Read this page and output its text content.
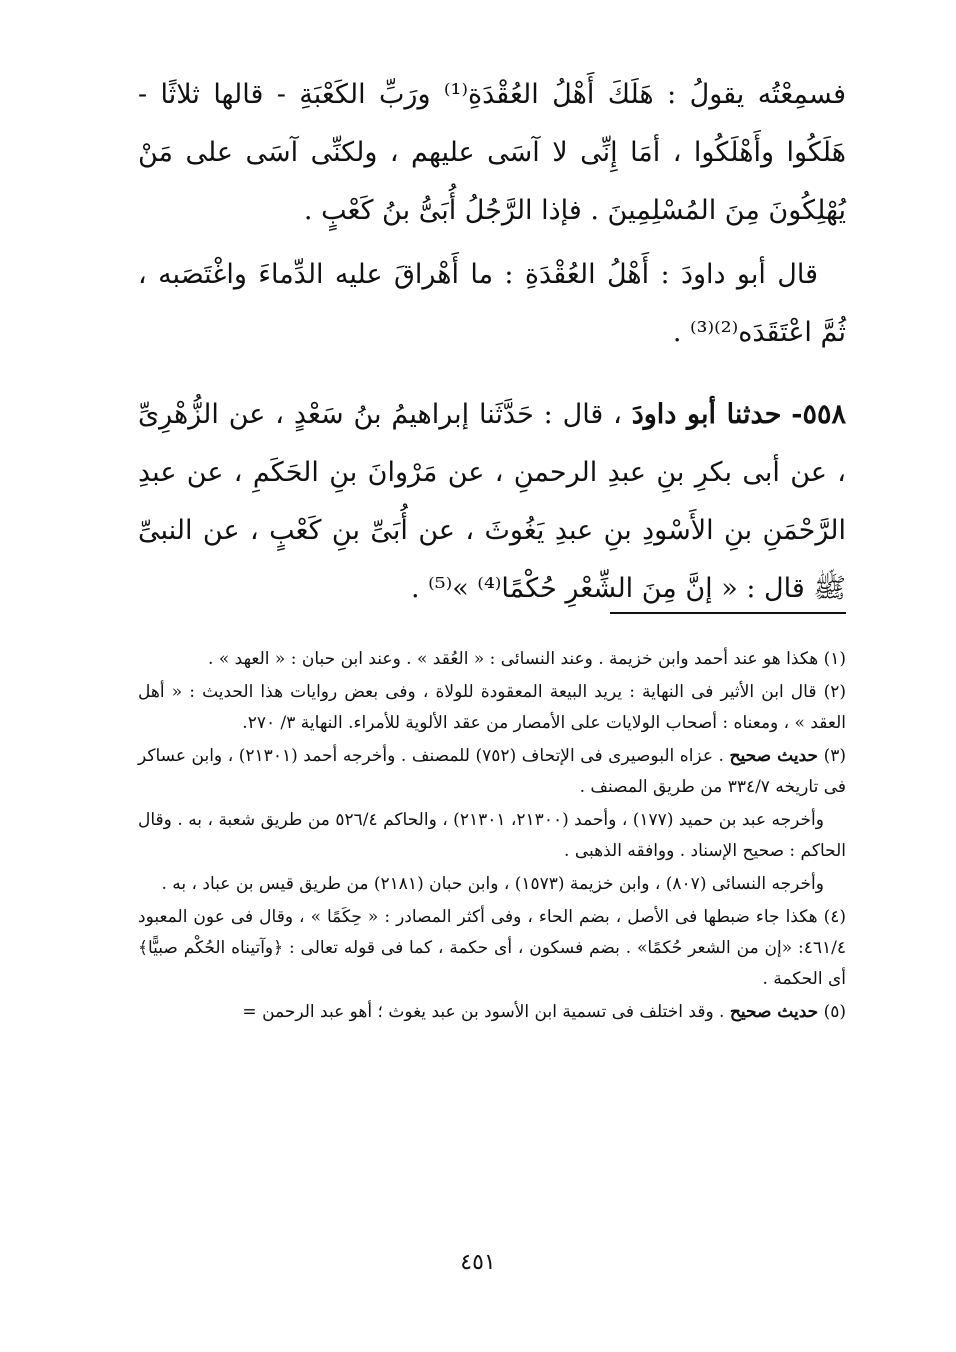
فسمِعْتُه يقولُ : هَلَكَ أَهْلُ العُقْدَةِ⁽¹⁾ ورَبِّ الكَعْبَةِ - قالها ثلاثًا - هَلَكُوا وأَهْلَكُوا ، أمَا إِنِّى لا آسَى عليهم ، ولكنِّى آسَى على مَنْ يُهْلِكُونَ مِنَ المُسْلِمِينَ . فإذا الرَّجُلُ أُبَىُّ بنُ كَعْبٍ .

قال أبو داودَ : أَهْلُ العُقْدَةِ : ما أَهْراقَ عليه الدِّماءَ واغْتَصَبه ، ثُمَّ اعْتَقَدَه⁽²⁾⁽³⁾ .

٥٥٨- حدثنا أبو داودَ ، قال : حَدَّثَنا إبراهيمُ بنُ سَعْدٍ ، عن الزُّهْرِىِّ ، عن أبى بكرِ بنِ عبدِ الرحمنِ ، عن مَرْوانَ بنِ الحَكَمِ ، عن عبدِ الرَّحْمَنِ بنِ الأَسْودِ بنِ عبدِ يَغُوثَ ، عن أُبَىِّ بنِ كَعْبٍ ، عن النبىِّ ﷺ قال : « إنَّ مِنَ الشِّعْرِ حُكْمًا⁽⁴⁾ »⁽⁵⁾ .

(١) هكذا هو عند أحمد وابن خزيمة . وعند النسائى : « العُقد » . وعند ابن حبان : « العهد » .

(٢) قال ابن الأثير فى النهاية : يريد البيعة المعقودة للولاة ، وفى بعض روايات هذا الحديث : « أهل العقد » ، ومعناه : أصحاب الولايات على الأمصار من عقد الألوية للأمراء. النهاية ٣/ ٢٧٠.

(٣) حديث صحيح . عزاه البوصيرى فى الإتحاف (٧٥٢) للمصنف . وأخرجه أحمد (٢١٣٠١) ، وابن عساكر فى تاريخه ٣٣٤/٧ من طريق المصنف .

وأخرجه عبد بن حميد (١٧٧) ، وأحمد (٢١٣٠٠، ٢١٣٠١) ، والحاكم ٥٢٦/٤ من طريق شعبة ، به . وقال الحاكم : صحيح الإسناد . ووافقه الذهبى .

وأخرجه النسائى (٨٠٧) ، وابن خزيمة (١٥٧٣) ، وابن حبان (٢١٨١) من طريق قيس بن عباد ، به .

(٤) هكذا جاء ضبطها فى الأصل ، بضم الحاء ، وفى أكثر المصادر : « حِكَمًا » ، وقال فى عون المعبود ٤٦١/٤: «إن من الشعر حُكمًا» . بضم فسكون ، أى حكمة ، كما فى قوله تعالى : ﴿وآتيناه الحُكْم صبيًّا﴾ أى الحكمة .

(٥) حديث صحيح . وقد اختلف فى تسمية ابن الأسود بن عبد يغوث ؛ أهو عبد الرحمن =

٤٥١
